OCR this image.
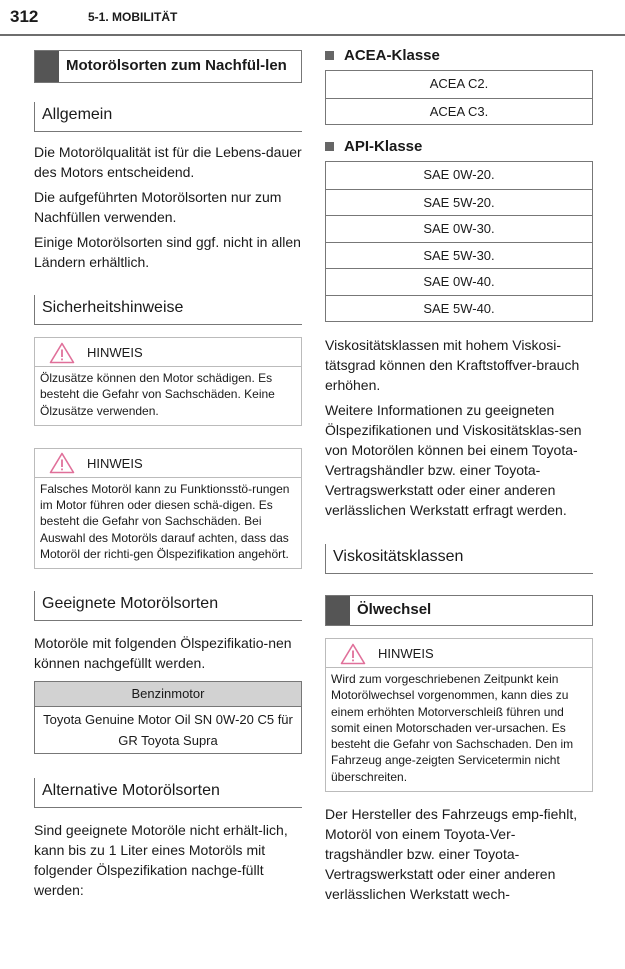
312	5-1. MOBILITÄT
Motorölsorten zum Nachfül-len
Allgemein

Die Motorölqualität ist für die Lebens-dauer des Motors entscheidend.

Die aufgeführten Motorölsorten nur zum Nachfüllen verwenden.

Einige Motorölsorten sind ggf. nicht in allen Ländern erhältlich.

Sicherheitshinweise
HINWEIS
Ölzusätze können den Motor schädigen. Es besteht die Gefahr von Sachschäden. Keine Ölzusätze verwenden.
HINWEIS
Falsches Motoröl kann zu Funktionsstö-rungen im Motor führen oder diesen schä-digen. Es besteht die Gefahr von Sachschäden. Bei Auswahl des Motoröls darauf achten, dass das Motoröl der richti-gen Ölspezifikation angehört.
Geeignete Motorölsorten

Motoröle mit folgenden Ölspezifikatio-nen können nachgefüllt werden.

Benzinmotor
Toyota Genuine Motor Oil SN 0W-20 C5 für GR Toyota Supra
Alternative Motorölsorten

Sind geeignete Motoröle nicht erhält-lich, kann bis zu 1 Liter eines Motoröls mit folgender Ölspezifikation nachge-füllt werden:

ACEA-Klasse
ACEA C2.
ACEA C3.
API-Klasse
SAE 0W-20.
SAE 5W-20.
SAE 0W-30.
SAE 5W-30.
SAE 0W-40.
SAE 5W-40.

Viskositätsklassen mit hohem Viskosi-tätsgrad können den Kraftstoffver-brauch erhöhen.

Weitere Informationen zu geeigneten Ölspezifikationen und Viskositätsklas-sen von Motorölen können bei einem Toyota-Vertragshändler bzw. einer Toyota-Vertragswerkstatt oder einer anderen verlässlichen Werkstatt erfragt werden.

Viskositätsklassen
Ölwechsel
HINWEIS
Wird zum vorgeschriebenen Zeitpunkt kein Motorölwechsel vorgenommen, kann dies zu einem erhöhten Motorverschleiß führen und somit einen Motorschaden ver-ursachen. Es besteht die Gefahr von Sachschaden. Den im Fahrzeug ange-zeigten Servicetermin nicht überschreiten.

Der Hersteller des Fahrzeugs emp-fiehlt, Motoröl von einem Toyota-Ver-tragshändler bzw. einer Toyota-Vertragswerkstatt oder einer anderen verlässlichen Werkstatt wech-
